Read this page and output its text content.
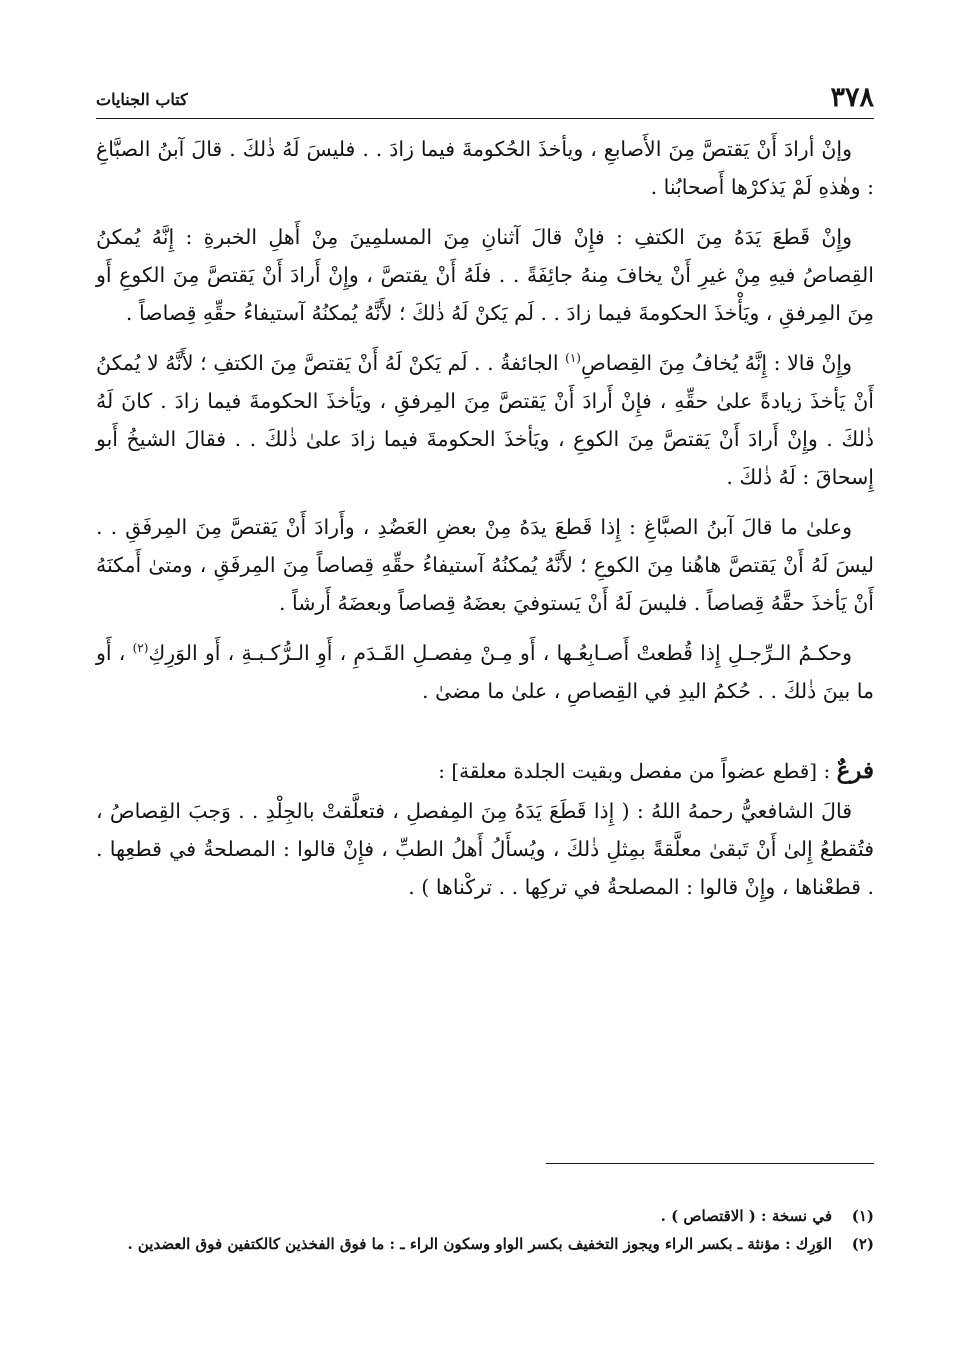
٣٧٨
كتاب الجنايات

وإنْ أرادَ أَنْ يَقتصَّ مِنَ الأَصابعِ ، ويأخذَ الحُكومةَ فيما زادَ . . فليسَ لَهُ ذٰلكَ . قالَ آبنُ الصبَّاغِ : وهٰذهِ لَمْ يَذكرْها أَصحابُنا .

وإِنْ قَطعَ يَدَهُ مِنَ الكتفِ : فإِنْ قالَ آثنانِ مِنَ المسلمِينَ مِنْ أَهلِ الخبرةِ : إِنَّهُ يُمكنُ القِصاصُ فيهِ مِنْ غيرِ أَنْ يخافَ مِنهُ جائِفَةً . . فلَهُ أَنْ يقتصَّ ، وإِنْ أَرادَ أَنْ يَقتصَّ مِنَ الكوعِ أَو مِنَ المِرفقِ ، ويَأْخذَ الحكومةَ فيما زادَ . . لَم يَكنْ لَهُ ذٰلكَ ؛ لأَنَّهُ يُمكنُهُ آستيفاءُ حقِّهِ قِصاصاً .

وإِنْ قالا : إِنَّهُ يُخافُ مِنَ القِصاصِ$^{(١)}$ الجائفةُ . . لَم يَكنْ لَهُ أَنْ يَقتصَّ مِنَ الكتفِ ؛ لأَنَّهُ لا يُمكنُ أَنْ يَأخذَ زيادةً علىٰ حقِّهِ ، فإِنْ أَرادَ أَنْ يَقتصَّ مِنَ المِرفقِ ، ويَأخذَ الحكومةَ فيما زادَ . كانَ لَهُ ذٰلكَ . وإِنْ أَرادَ أَنْ يَقتصَّ مِنَ الكوعِ ، ويَأخذَ الحكومةَ فيما زادَ علىٰ ذٰلكَ . . فقالَ الشيخُ أَبو إِسحاقَ : لَهُ ذٰلكَ .

وعلىٰ ما قالَ آبنُ الصبَّاغِ : إِذا قَطعَ يدَهُ مِنْ بعضِ العَضُدِ ، وأَرادَ أَنْ يَقتصَّ مِنَ المِرفَقِ . . ليسَ لَهُ أَنْ يَقتصَّ هاهُنا مِنَ الكوعِ ؛ لأَنَّهُ يُمكنُهُ آستيفاءُ حقِّهِ قِصاصاً مِنَ المِرفَقِ ، ومتىٰ أَمكنَهُ أَنْ يَأخذَ حقَّهُ قِصاصاً . فليسَ لَهُ أَنْ يَستوفيَ بعضَهُ قِصاصاً وبعضَهُ أَرشاً .

وحكـمُ الـرِّجـلِ إِذا قُطعتْ أَصـابِعُـها ، أَو مِـنْ مِفصـلِ القَـدَمِ ، أَوِ الـرُّكـبـةِ ، أَو الوَرِكِ$^{(٢)}$ ، أَو ما بينَ ذٰلكَ . . حُكمُ اليدِ في القِصاصِ ، علىٰ ما مضىٰ .

فرعٌ : [قطع عضواً من مفصل وبقيت الجلدة معلقة] :

قالَ الشافعيُّ رحمهُ اللهُ : ( إِذا قَطَعَ يَدَهُ مِنَ المِفصلِ ، فتعلَّقتْ بالجِلْدِ . . وَجبَ القِصاصُ ، فتُقطعُ إِلىٰ أَنْ تَبقىٰ معلَّقةً بمِثلِ ذٰلكَ ، ويُسأَلُ أَهلُ الطبِّ ، فإِنْ قالوا : المصلحةُ في قطعِها . . قطعْناها ، وإِنْ قالوا : المصلحةُ في تركِها . . تركْناها ) .

(١)
في نسخة : ( الاقتصاص ) .
(٢)
الوَرِك : مؤنثة ـ بكسر الراء ويجوز التخفيف بكسر الواو وسكون الراء ـ : ما فوق الفخذين كالكتفين فوق العضدين .
